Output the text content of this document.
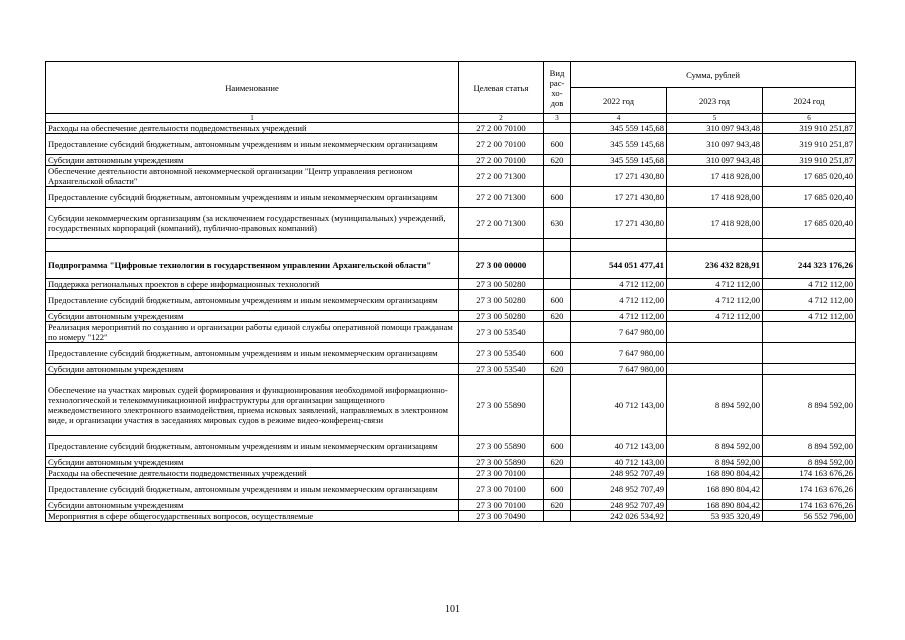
Наименование	Целевая статья	Вид
рас-
хо-
дов	Сумма, рублей		
			2022 год	2023 год	2024 год
1	2	3	4	5	6
Расходы на обеспечение деятельности подведомственных учреждений	27 2 00 70100		345 559 145,68	310 097 943,48	319 910 251,87
Предоставление субсидий бюджетным, автономным учреждениям и иным некоммерческим организациям	27 2 00 70100	600	345 559 145,68	310 097 943,48	319 910 251,87
Субсидии автономным учреждениям	27 2 00 70100	620	345 559 145,68	310 097 943,48	319 910 251,87
Обеспечение деятельности автономной некоммерческой организации "Центр управления регионом Архангельской области"	27 2 00 71300		17 271 430,80	17 418 928,00	17 685 020,40
Предоставление субсидий бюджетным, автономным учреждениям и иным некоммерческим организациям	27 2 00 71300	600	17 271 430,80	17 418 928,00	17 685 020,40
Субсидии некоммерческим организациям (за исключением государственных (муниципальных) учреждений, государственных корпораций (компаний), публично-правовых компаний)	27 2 00 71300	630	17 271 430,80	17 418 928,00	17 685 020,40

Подпрограмма "Цифровые технологии в государственном управлении Архангельской области"	27 3 00 00000		544 051 477,41	236 432 828,91	244 323 176,26
Поддержка региональных проектов в сфере информационных технологий	27 3 00 50280		4 712 112,00	4 712 112,00	4 712 112,00
Предоставление субсидий бюджетным, автономным учреждениям и иным некоммерческим организациям	27 3 00 50280	600	4 712 112,00	4 712 112,00	4 712 112,00
Субсидии автономным учреждениям	27 3 00 50280	620	4 712 112,00	4 712 112,00	4 712 112,00
Реализация мероприятий по созданию и организации работы единой службы оперативной помощи гражданам по номеру "122"	27 3 00 53540		7 647 980,00		
Предоставление субсидий бюджетным, автономным учреждениям и иным некоммерческим организациям	27 3 00 53540	600	7 647 980,00		
Субсидии автономным учреждениям	27 3 00 53540	620	7 647 980,00		
Обеспечение на участках мировых судей формирования и функционирования необходимой информационно-технологической и телекоммуникационной инфраструктуры для организации защищенного межведомственного электронного взаимодействия, приема исковых заявлений, направляемых в электронном виде, и организации участия в заседаниях мировых судов в режиме видео-конференц-связи	27 3 00 55890		40 712 143,00	8 894 592,00	8 894 592,00
Предоставление субсидий бюджетным, автономным учреждениям и иным некоммерческим организациям	27 3 00 55890	600	40 712 143,00	8 894 592,00	8 894 592,00
Субсидии автономным учреждениям	27 3 00 55890	620	40 712 143,00	8 894 592,00	8 894 592,00
Расходы на обеспечение деятельности подведомственных учреждений	27 3 00 70100		248 952 707,49	168 890 804,42	174 163 676,26
Предоставление субсидий бюджетным, автономным учреждениям и иным некоммерческим организациям	27 3 00 70100	600	248 952 707,49	168 890 804,42	174 163 676,26
Субсидии автономным учреждениям	27 3 00 70100	620	248 952 707,49	168 890 804,42	174 163 676,26
Мероприятия в сфере общегосударственных вопросов, осуществляемые	27 3 00 70490		242 026 534,92	53 935 320,49	56 552 796,00
101
